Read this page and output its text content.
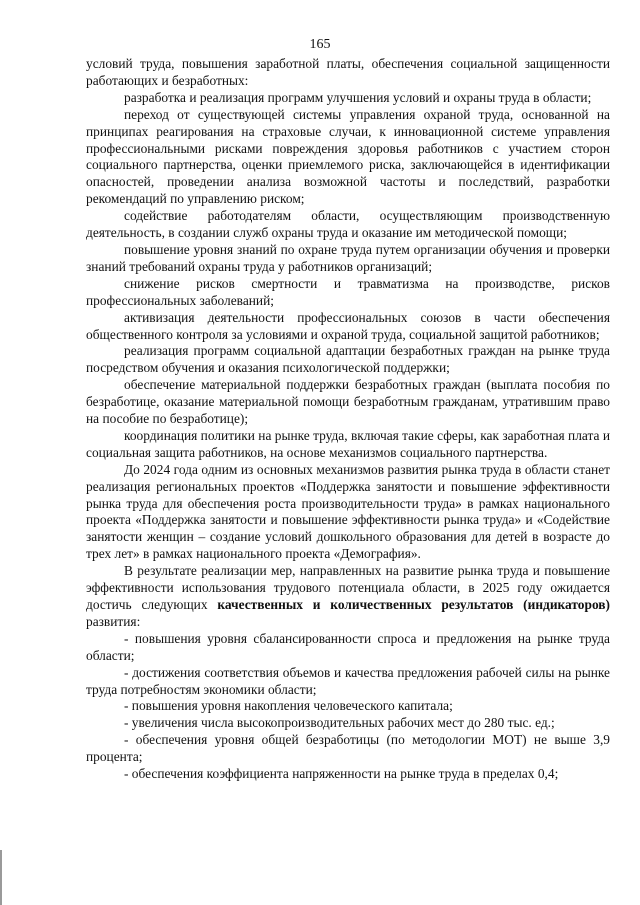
165

условий труда, повышения заработной платы, обеспечения социальной защищенности работающих и безработных:

разработка и реализация программ улучшения условий и охраны труда в области;

переход от существующей системы управления охраной труда, основанной на принципах реагирования на страховые случаи, к инновационной системе управления профессиональными рисками повреждения здоровья работников с участием сторон социального партнерства, оценки приемлемого риска, заключающейся в идентификации опасностей, проведении анализа возможной частоты и последствий, разработки рекомендаций по управлению риском;

содействие работодателям области, осуществляющим производственную деятельность, в создании служб охраны труда и оказание им методической помощи;

повышение уровня знаний по охране труда путем организации обучения и проверки знаний требований охраны труда у работников организаций;

снижение рисков смертности и травматизма на производстве, рисков профессиональных заболеваний;

активизация деятельности профессиональных союзов в части обеспечения общественного контроля за условиями и охраной труда, социальной защитой работников;

реализация программ социальной адаптации безработных граждан на рынке труда посредством обучения и оказания психологической поддержки;

обеспечение материальной поддержки безработных граждан (выплата пособия по безработице, оказание материальной помощи безработным гражданам, утратившим право на пособие по безработице);

координация политики на рынке труда, включая такие сферы, как заработная плата и социальная защита работников, на основе механизмов социального партнерства.

До 2024 года одним из основных механизмов развития рынка труда в области станет реализация региональных проектов «Поддержка занятости и повышение эффективности рынка труда для обеспечения роста производительности труда» в рамках национального проекта «Поддержка занятости и повышение эффективности рынка труда» и «Содействие занятости женщин – создание условий дошкольного образования для детей в возрасте до трех лет» в рамках национального проекта «Демография».

В результате реализации мер, направленных на развитие рынка труда и повышение эффективности использования трудового потенциала области, в 2025 году ожидается достичь следующих качественных и количественных результатов (индикаторов) развития:

- повышения уровня сбалансированности спроса и предложения на рынке труда области;

- достижения соответствия объемов и качества предложения рабочей силы на рынке труда потребностям экономики области;

- повышения уровня накопления человеческого капитала;

- увеличения числа высокопроизводительных рабочих мест до 280 тыс. ед.;

- обеспечения уровня общей безработицы (по методологии МОТ) не выше 3,9 процента;

- обеспечения коэффициента напряженности на рынке труда в пределах 0,4;
